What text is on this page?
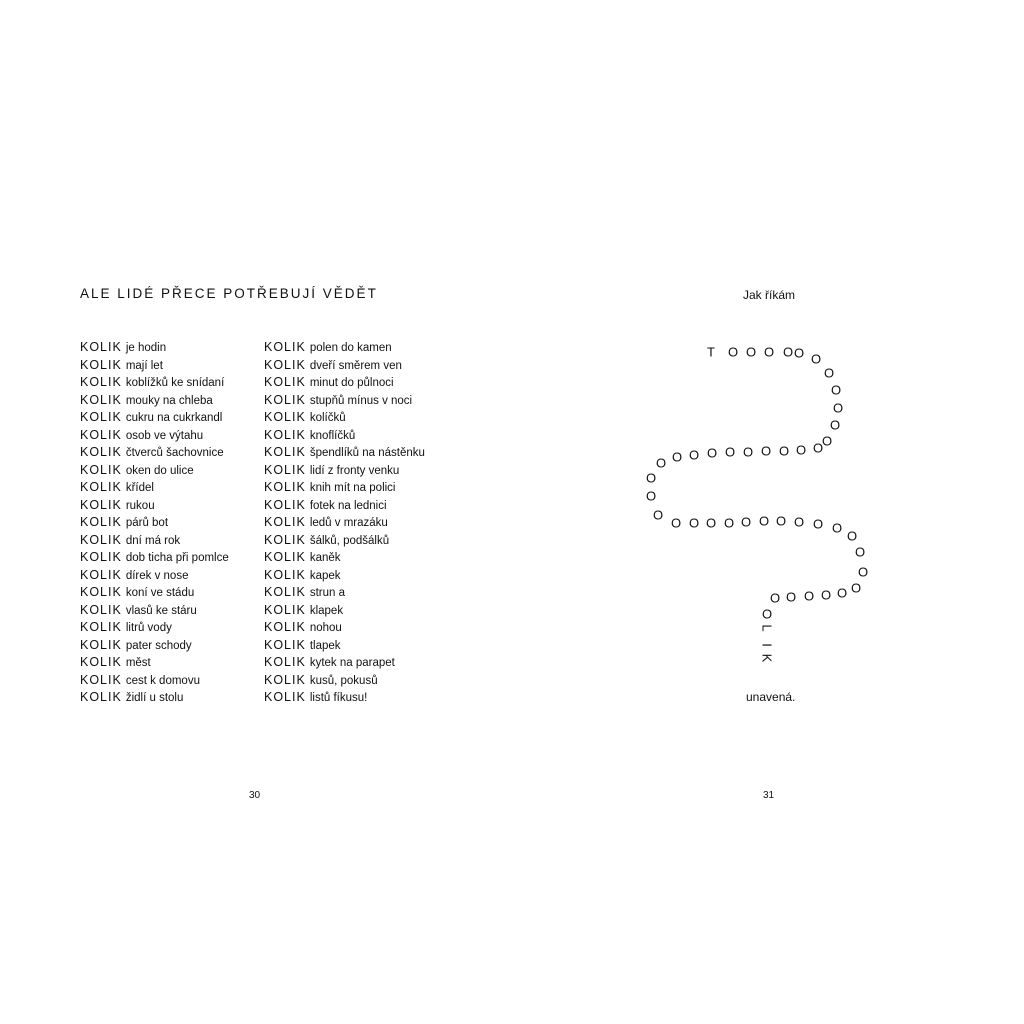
ALE LIDÉ PŘECE POTŘEBUJÍ VĚDĚT
KOLIK je hodin
KOLIK mají let
KOLIK koblížků ke snídaní
KOLIK mouky na chleba
KOLIK cukru na cukrkandl
KOLIK osob ve výtahu
KOLIK čtverců šachovnice
KOLIK oken do ulice
KOLIK křídel
KOLIK rukou
KOLIK párů bot
KOLIK dní má rok
KOLIK dob ticha při pomlce
KOLIK dírek v nose
KOLIK koní ve stádu
KOLIK vlasů ke stáru
KOLIK litrů vody
KOLIK pater schody
KOLIK měst
KOLIK cest k domovu
KOLIK židlí u stolu
KOLIK polen do kamen
KOLIK dveří směrem ven
KOLIK minut do půlnoci
KOLIK stupňů mínus v noci
KOLIK kolíčků
KOLIK knoflíčků
KOLIK špendlíků na nástěnku
KOLIK lidí z fronty venku
KOLIK knih mít na polici
KOLIK fotek na lednici
KOLIK ledů v mrazáku
KOLIK šálků, podšálků
KOLIK kaněk
KOLIK kapek
KOLIK strun a
KOLIK klapek
KOLIK nohou
KOLIK tlapek
KOLIK kytek na parapet
KOLIK kusů, pokusů
KOLIK listů fíkusu!
30
Jak říkám
T O O O O O O
O
O
O
O
O
O
O
O
O
O
O
O
O
O
O
O
O
O
O O O O O O O O O O
O
O
O
O
O
O
O
O
O
O
L
I
K
unavená.
31
